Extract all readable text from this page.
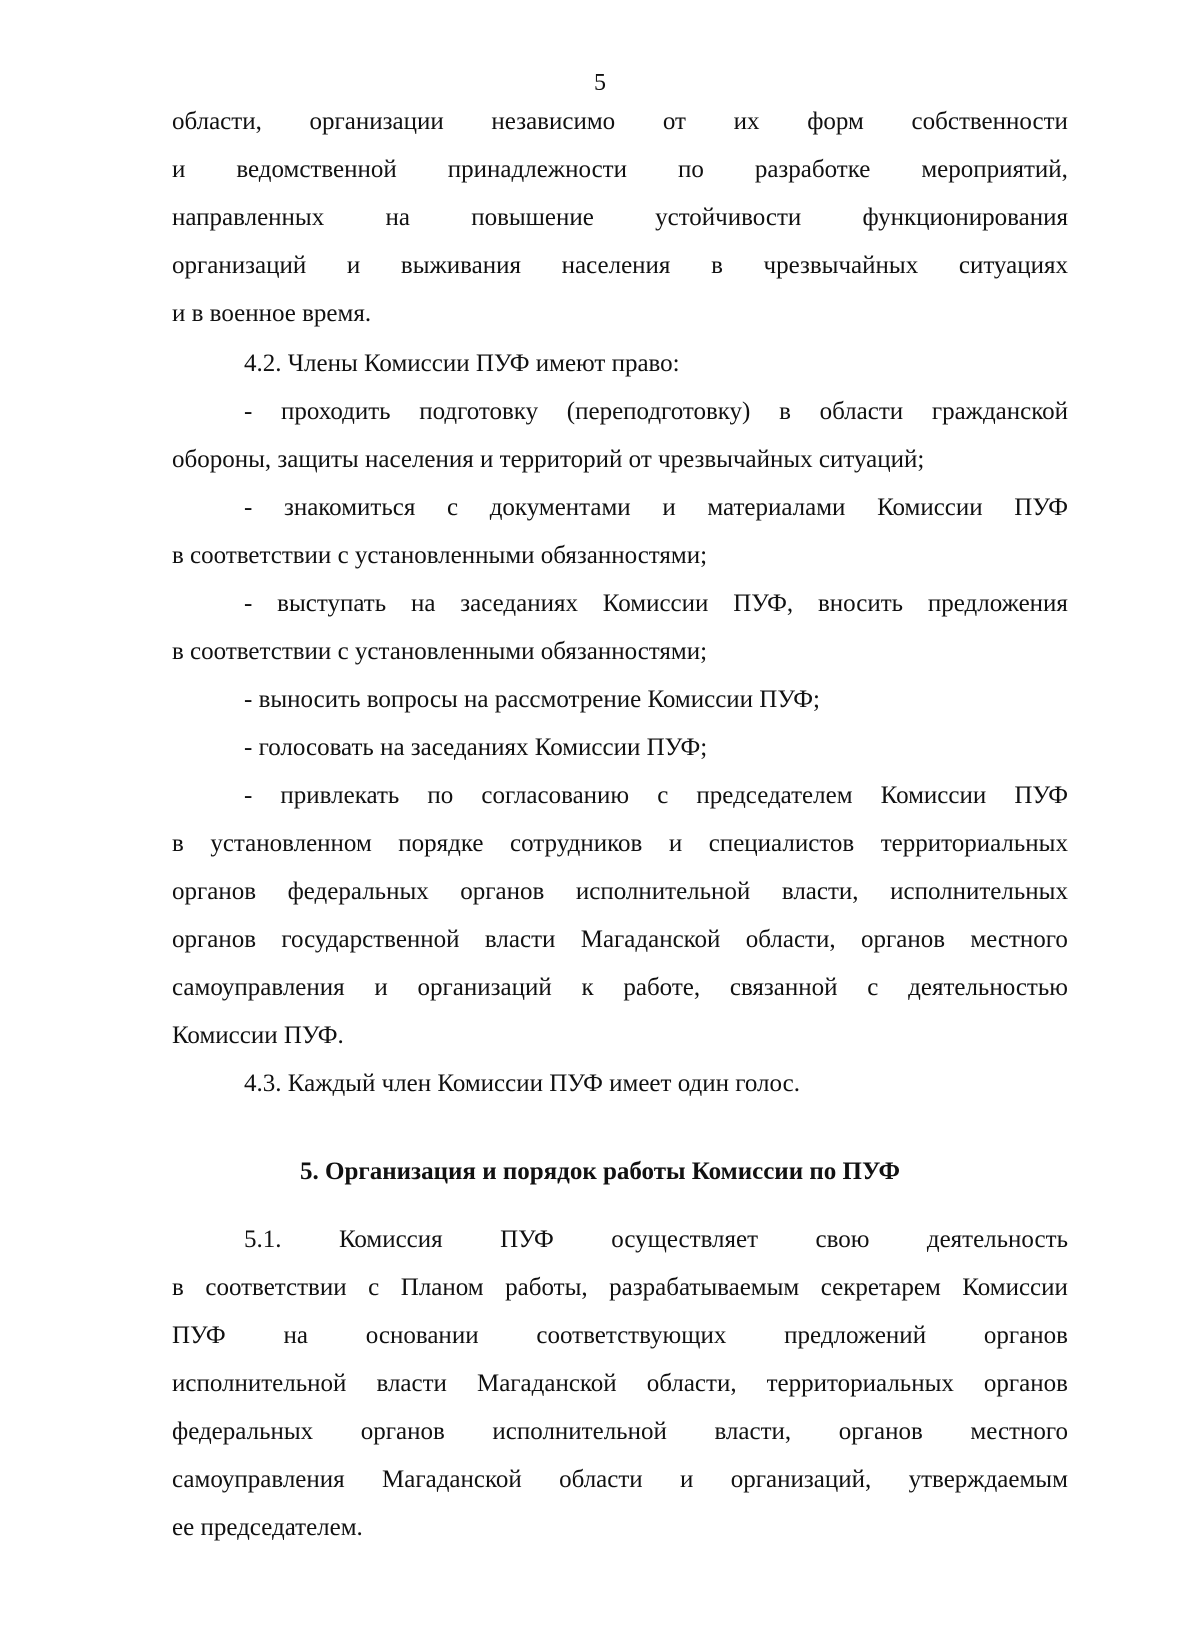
5
области, организации независимо от их форм собственности
и ведомственной принадлежности по разработке мероприятий,
направленных на повышение устойчивости функционирования
организаций и выживания населения в чрезвычайных ситуациях
и в военное время.
4.2. Члены Комиссии ПУФ имеют право:
- проходить подготовку (переподготовку) в области гражданской
обороны, защиты населения и территорий от чрезвычайных ситуаций;
- знакомиться с документами и материалами Комиссии ПУФ
в соответствии с установленными обязанностями;
- выступать на заседаниях Комиссии ПУФ, вносить предложения
в соответствии с установленными обязанностями;
- выносить вопросы на рассмотрение Комиссии ПУФ;
- голосовать на заседаниях Комиссии ПУФ;
- привлекать по согласованию с председателем Комиссии ПУФ
в установленном порядке сотрудников и специалистов территориальных
органов федеральных органов исполнительной власти, исполнительных
органов государственной власти Магаданской области, органов местного
самоуправления и организаций к работе, связанной с деятельностью
Комиссии ПУФ.
4.3. Каждый член Комиссии ПУФ имеет один голос.
5. Организация и порядок работы Комиссии по ПУФ
5.1. Комиссия ПУФ осуществляет свою деятельность
в соответствии с Планом работы, разрабатываемым секретарем Комиссии
ПУФ на основании соответствующих предложений органов
исполнительной власти Магаданской области, территориальных органов
федеральных органов исполнительной власти, органов местного
самоуправления Магаданской области и организаций, утверждаемым
ее председателем.
